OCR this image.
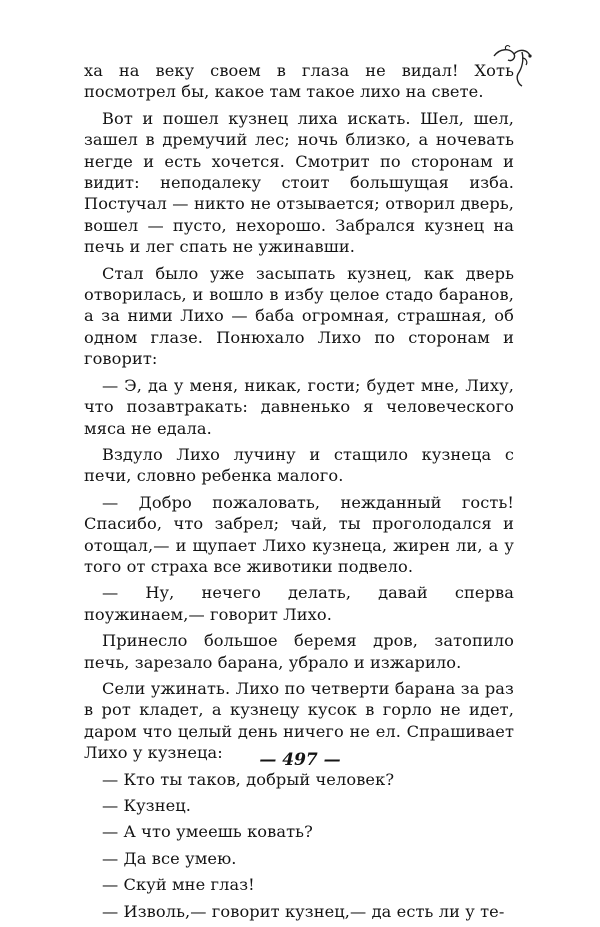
ха на веку своем в глаза не видал! Хоть посмотрел бы, какое там такое лихо на свете.

Вот и пошел кузнец лиха искать. Шел, шел, зашел в дремучий лес; ночь близко, а ночевать негде и есть хочется. Смотрит по сторонам и видит: неподалеку стоит большущая изба. Постучал — никто не отзывается; отворил дверь, вошел — пусто, нехорошо. Забрался кузнец на печь и лег спать не ужинавши.

Стал было уже засыпать кузнец, как дверь отворилась, и вошло в избу целое стадо баранов, а за ними Лихо — баба огромная, страшная, об одном глазе. Понюхало Лихо по сторонам и говорит:

— Э, да у меня, никак, гости; будет мне, Лиху, что позавтракать: давненько я человеческого мяса не едала.

Вздуло Лихо лучину и стащило кузнеца с печи, словно ребенка малого.

— Добро пожаловать, нежданный гость! Спасибо, что забрел; чай, ты проголодался и отощал,— и щупает Лихо кузнеца, жирен ли, а у того от страха все животики подвело.

— Ну, нечего делать, давай сперва поужинаем,— говорит Лихо.

Принесло большое беремя дров, затопило печь, зарезало барана, убрало и изжарило.

Сели ужинать. Лихо по четверти барана за раз в рот кладет, а кузнецу кусок в горло не идет, даром что целый день ничего не ел. Спрашивает Лихо у кузнеца:

— Кто ты таков, добрый человек?

— Кузнец.

— А что умеешь ковать?

— Да все умею.

— Скуй мне глаз!

— Изволь,— говорит кузнец,— да есть ли у те-

— 497 —
